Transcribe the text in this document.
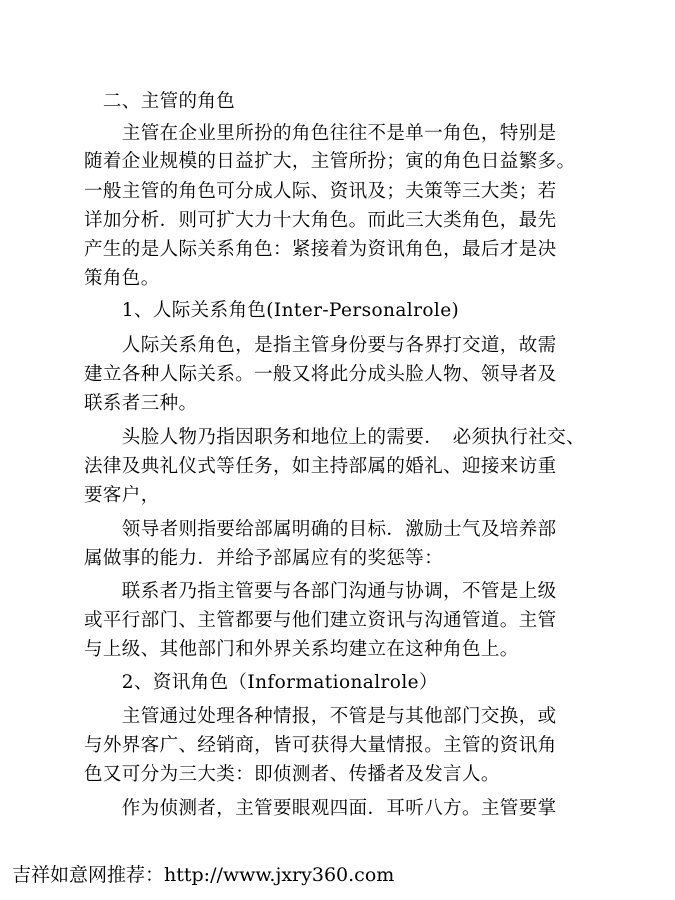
　二、主管的角色
　　主管在企业里所扮的角色往往不是单一角色，特别是
随着企业规模的日益扩大，主管所扮；寅的角色日益繁多。
一般主管的角色可分成人际、资讯及；夫策等三大类；若
详加分析．则可扩大力十大角色。而此三大类角色，最先
产生的是人际关系角色：紧接着为资讯角色，最后才是决
策角色。
　　1、人际关系角色(Inter-Personalrole)
　　人际关系角色，是指主管身份要与各界打交道，故需
建立各种人际关系。一般又将此分成头脸人物、领导者及
联系者三种。
　　头脸人物乃指因职务和地位上的需要．　必须执行社交、
法律及典礼仪式等任务，如主持部属的婚礼、迎接来访重
要客户，
　　领导者则指要给部属明确的目标．激励士气及培养部
属做事的能力．并给予部属应有的奖惩等：
　　联系者乃指主管要与各部门沟通与协调，不管是上级
或平行部门、主管都要与他们建立资讯与沟通管道。主管
与上级、其他部门和外界关系均建立在这种角色上。
　　2、资讯角色（Informationalrole）
　　主管通过处理各种情报，不管是与其他部门交换，或
与外界客广、经销商，皆可获得大量情报。主管的资讯角
色又可分为三大类：即侦测者、传播者及发言人。
　　作为侦测者，主管要眼观四面．耳听八方。主管要掌
吉祥如意网推荐：http://www.jxry360.com
